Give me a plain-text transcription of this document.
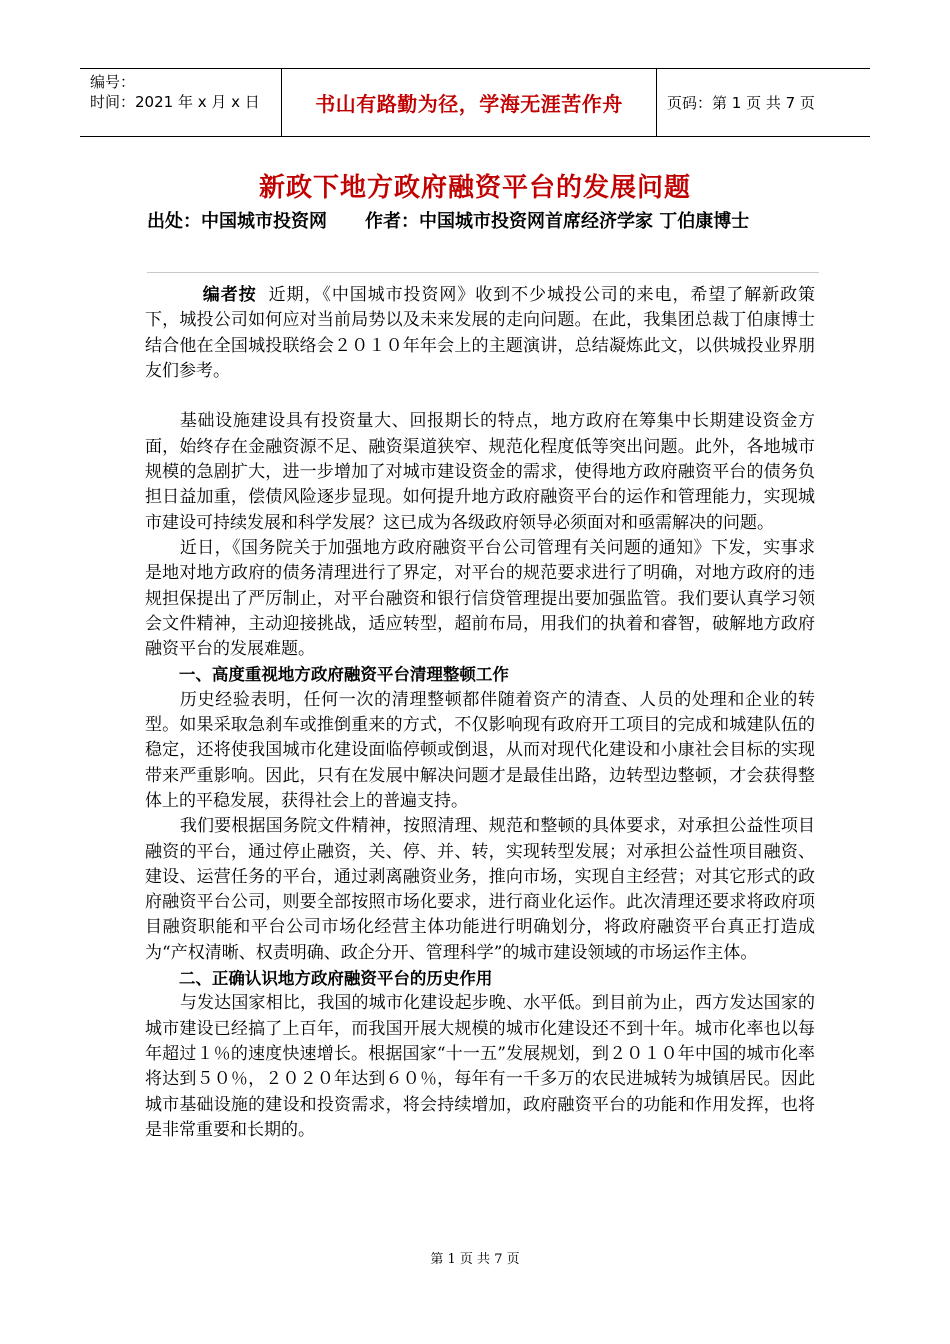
编号：
时间：2021 年 x 月 x 日	书山有路勤为径，学海无涯苦作舟	页码：第 1 页 共 7 页
新政下地方政府融资平台的发展问题
出处：中国城市投资网 作者：中国城市投资网首席经济学家 丁伯康博士

编者按 近期，《中国城市投资网》收到不少城投公司的来电，希望了解新政策下，城投公司如何应对当前局势以及未来发展的走向问题。在此，我集团总裁丁伯康博士结合他在全国城投联络会２０１０年年会上的主题演讲，总结凝炼此文，以供城投业界朋友们参考。

基础设施建设具有投资量大、回报期长的特点，地方政府在筹集中长期建设资金方面，始终存在金融资源不足、融资渠道狭窄、规范化程度低等突出问题。此外，各地城市规模的急剧扩大，进一步增加了对城市建设资金的需求，使得地方政府融资平台的债务负担日益加重，偿债风险逐步显现。如何提升地方政府融资平台的运作和管理能力，实现城市建设可持续发展和科学发展？这已成为各级政府领导必须面对和亟需解决的问题。

近日，《国务院关于加强地方政府融资平台公司管理有关问题的通知》下发，实事求是地对地方政府的债务清理进行了界定，对平台的规范要求进行了明确，对地方政府的违规担保提出了严厉制止，对平台融资和银行信贷管理提出要加强监管。我们要认真学习领会文件精神，主动迎接挑战，适应转型，超前布局，用我们的执着和睿智，破解地方政府融资平台的发展难题。

一、高度重视地方政府融资平台清理整顿工作

历史经验表明，任何一次的清理整顿都伴随着资产的清查、人员的处理和企业的转型。如果采取急刹车或推倒重来的方式，不仅影响现有政府开工项目的完成和城建队伍的稳定，还将使我国城市化建设面临停顿或倒退，从而对现代化建设和小康社会目标的实现带来严重影响。因此，只有在发展中解决问题才是最佳出路，边转型边整顿，才会获得整体上的平稳发展，获得社会上的普遍支持。

我们要根据国务院文件精神，按照清理、规范和整顿的具体要求，对承担公益性项目融资的平台，通过停止融资，关、停、并、转，实现转型发展；对承担公益性项目融资、建设、运营任务的平台，通过剥离融资业务，推向市场，实现自主经营；对其它形式的政府融资平台公司，则要全部按照市场化要求，进行商业化运作。此次清理还要求将政府项目融资职能和平台公司市场化经营主体功能进行明确划分，将政府融资平台真正打造成为“产权清晰、权责明确、政企分开、管理科学”的城市建设领域的市场运作主体。

二、正确认识地方政府融资平台的历史作用

与发达国家相比，我国的城市化建设起步晚、水平低。到目前为止，西方发达国家的城市建设已经搞了上百年，而我国开展大规模的城市化建设还不到十年。城市化率也以每年超过１％的速度快速增长。根据国家“十一五”发展规划，到２０１０年中国的城市化率将达到５０％，２０２０年达到６０％，每年有一千多万的农民进城转为城镇居民。因此城市基础设施的建设和投资需求，将会持续增加，政府融资平台的功能和作用发挥，也将是非常重要和长期的。

第 1 页 共 7 页
